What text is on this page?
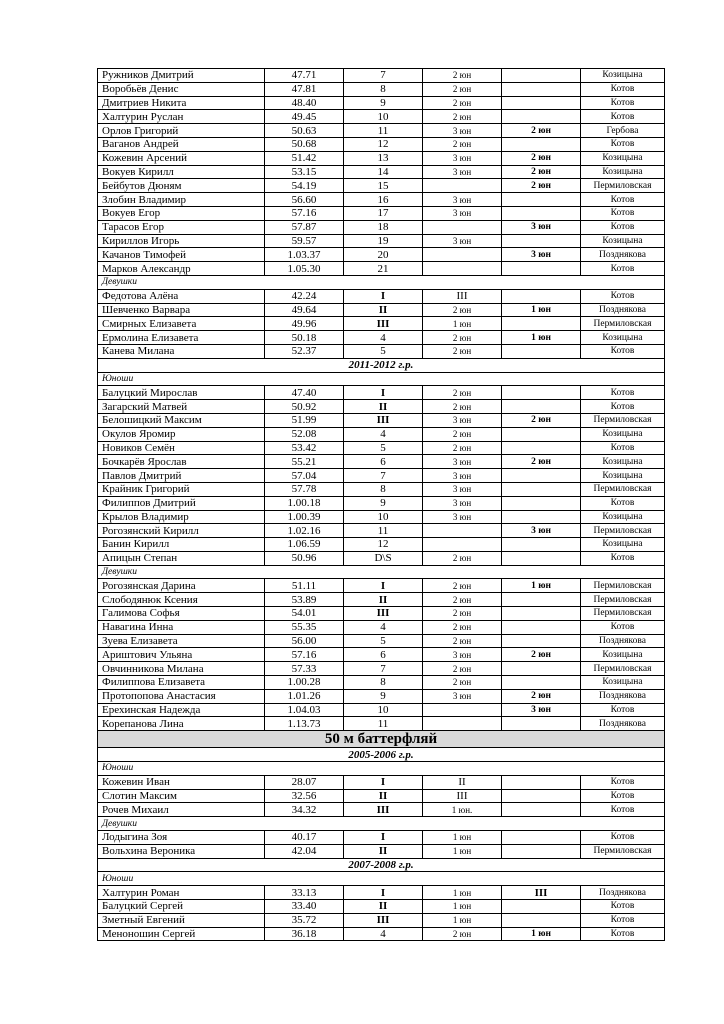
Ружников Дмитрий	47.71	7	2 юн		Козицына
Воробьёв Денис	47.81	8	2 юн		Котов
Дмитриев Никита	48.40	9	2 юн		Котов
Халтурин Руслан	49.45	10	2 юн		Котов
Орлов Григорий	50.63	11	3 юн	2 юн	Гербова
Ваганов Андрей	50.68	12	2 юн		Котов
Кожевин Арсений	51.42	13	3 юн	2 юн	Козицына
Вокуев Кирилл	53.15	14	3 юн	2 юн	Козицына
Бейбутов Дюням	54.19	15		2 юн	Пермиловская
Злобин Владимир	56.60	16	3 юн		Котов
Вокуев Егор	57.16	17	3 юн		Котов
Тарасов Егор	57.87	18		3 юн	Котов
Кириллов Игорь	59.57	19	3 юн		Козицына
Качанов Тимофей	1.03.37	20		3 юн	Позднякова
Марков Александр	1.05.30	21			Котов
Девушки					
Федотова Алёна	42.24	I	III		Котов
Шевченко Варвара	49.64	II	2 юн	1 юн	Позднякова
Смирных Елизавета	49.96	III	1 юн		Пермиловская
Ермолина Елизавета	50.18	4	2 юн	1 юн	Козицына
Канева Милана	52.37	5	2 юн		Котов
2011-2012 г.р.					
Юноши					
Балуцкий Мирослав	47.40	I	2 юн		Котов
Загарский Матвей	50.92	II	2 юн		Котов
Белошицкий Максим	51.99	III	3 юн	2 юн	Пермиловская
Окулов Яромир	52.08	4	2 юн		Козицына
Новиков Семён	53.42	5	2 юн		Котов
Бочкарёв Ярослав	55.21	6	3 юн	2 юн	Козицына
Павлов Дмитрий	57.04	7	3 юн		Козицына
Крайник Григорий	57.78	8	3 юн		Пермиловская
Филиппов Дмитрий	1.00.18	9	3 юн		Котов
Крылов Владимир	1.00.39	10	3 юн		Козицына
Рогозянский Кирилл	1.02.16	11		3 юн	Пермиловская
Банин Кирилл	1.06.59	12			Козицына
Апицын Степан	50.96	D\S	2 юн		Котов
Девушки					
Рогозянская Дарина	51.11	I	2 юн	1 юн	Пермиловская
Слободянюк Ксения	53.89	II	2 юн		Пермиловская
Галимова Софья	54.01	III	2 юн		Пермиловская
Навагина Инна	55.35	4	2 юн		Котов
Зуева Елизавета	56.00	5	2 юн		Позднякова
Ариштович Ульяна	57.16	6	3 юн	2 юн	Козицына
Овчинникова Милана	57.33	7	2 юн		Пермиловская
Филиппова Елизавета	1.00.28	8	2 юн		Козицына
Протопопова Анастасия	1.01.26	9	3 юн	2 юн	Позднякова
Ерехинская Надежда	1.04.03	10		3 юн	Котов
Корепанова Лина	1.13.73	11			Позднякова
50 м баттерфляй					
2005-2006 г.р.					
Юноши					
Кожевин Иван	28.07	I	II		Котов
Слотин Максим	32.56	II	III		Котов
Рочев Михаил	34.32	III	1 юн.		Котов
Девушки					
Лодыгина Зоя	40.17	I	1 юн		Котов
Вольхина Вероника	42.04	II	1 юн		Пермиловская
2007-2008 г.р.					
Юноши					
Халтурин Роман	33.13	I	1 юн	III	Позднякова
Балуцкий Сергей	33.40	II	1 юн		Котов
Зметный Евгений	35.72	III	1 юн		Котов
Меноношин Сергей	36.18	4	2 юн	1 юн	Котов
